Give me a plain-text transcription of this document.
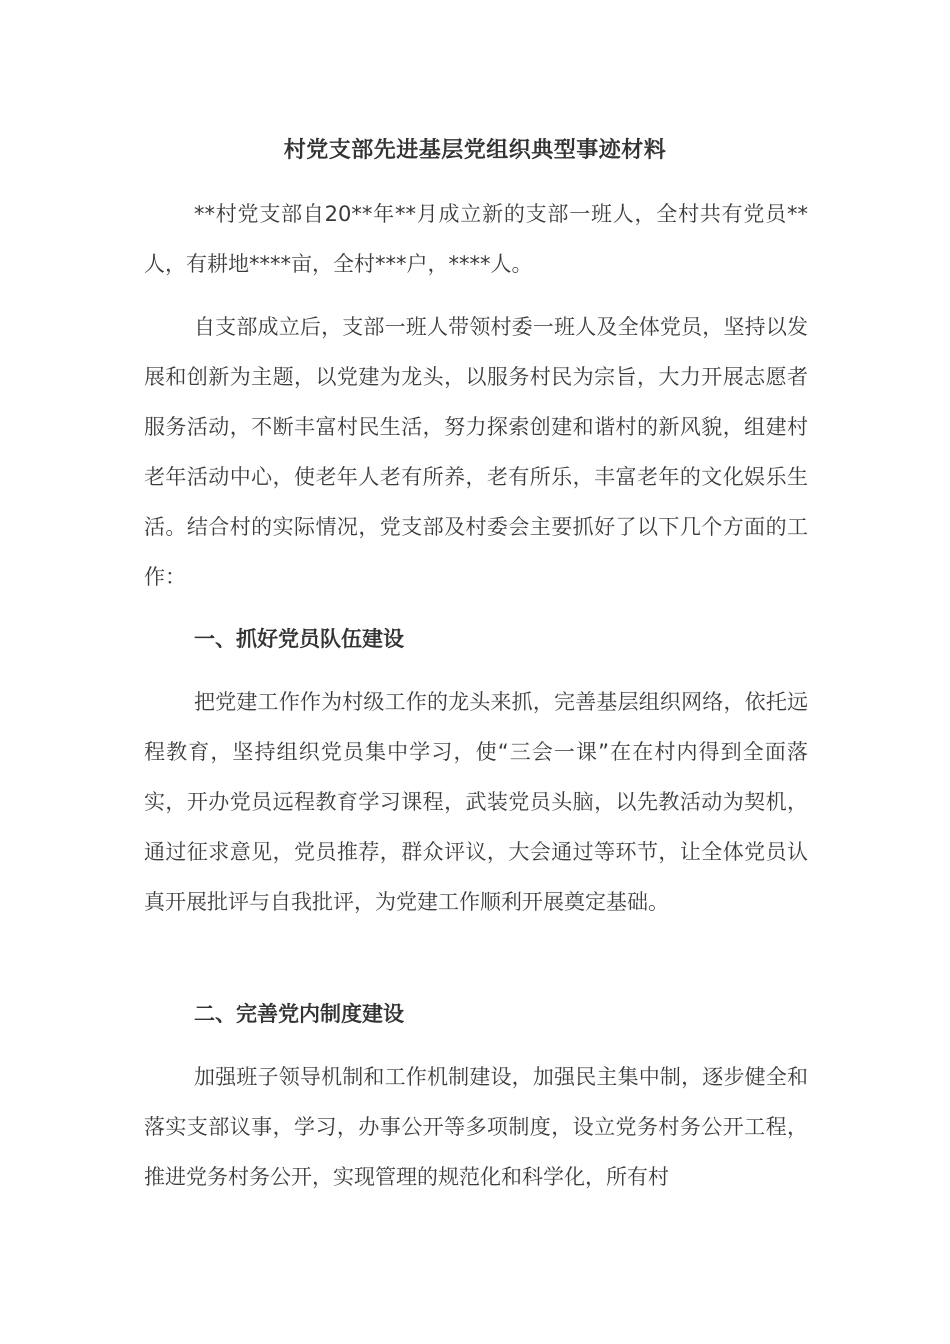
村党支部先进基层党组织典型事迹材料
**村党支部自20**年**月成立新的支部一班人，全村共有党员**人，有耕地****亩，全村***户，****人。
自支部成立后，支部一班人带领村委一班人及全体党员，坚持以发展和创新为主题，以党建为龙头，以服务村民为宗旨，大力开展志愿者服务活动，不断丰富村民生活，努力探索创建和谐村的新风貌，组建村老年活动中心，使老年人老有所养，老有所乐，丰富老年的文化娱乐生活。结合村的实际情况，党支部及村委会主要抓好了以下几个方面的工作：
一、抓好党员队伍建设
把党建工作作为村级工作的龙头来抓，完善基层组织网络，依托远程教育，坚持组织党员集中学习，使“三会一课”在在村内得到全面落实，开办党员远程教育学习课程，武装党员头脑，以先教活动为契机，通过征求意见，党员推荐，群众评议，大会通过等环节，让全体党员认真开展批评与自我批评，为党建工作顺利开展奠定基础。
二、完善党内制度建设
加强班子领导机制和工作机制建设，加强民主集中制，逐步健全和落实支部议事，学习，办事公开等多项制度，设立党务村务公开工程，推进党务村务公开，实现管理的规范化和科学化，所有村
